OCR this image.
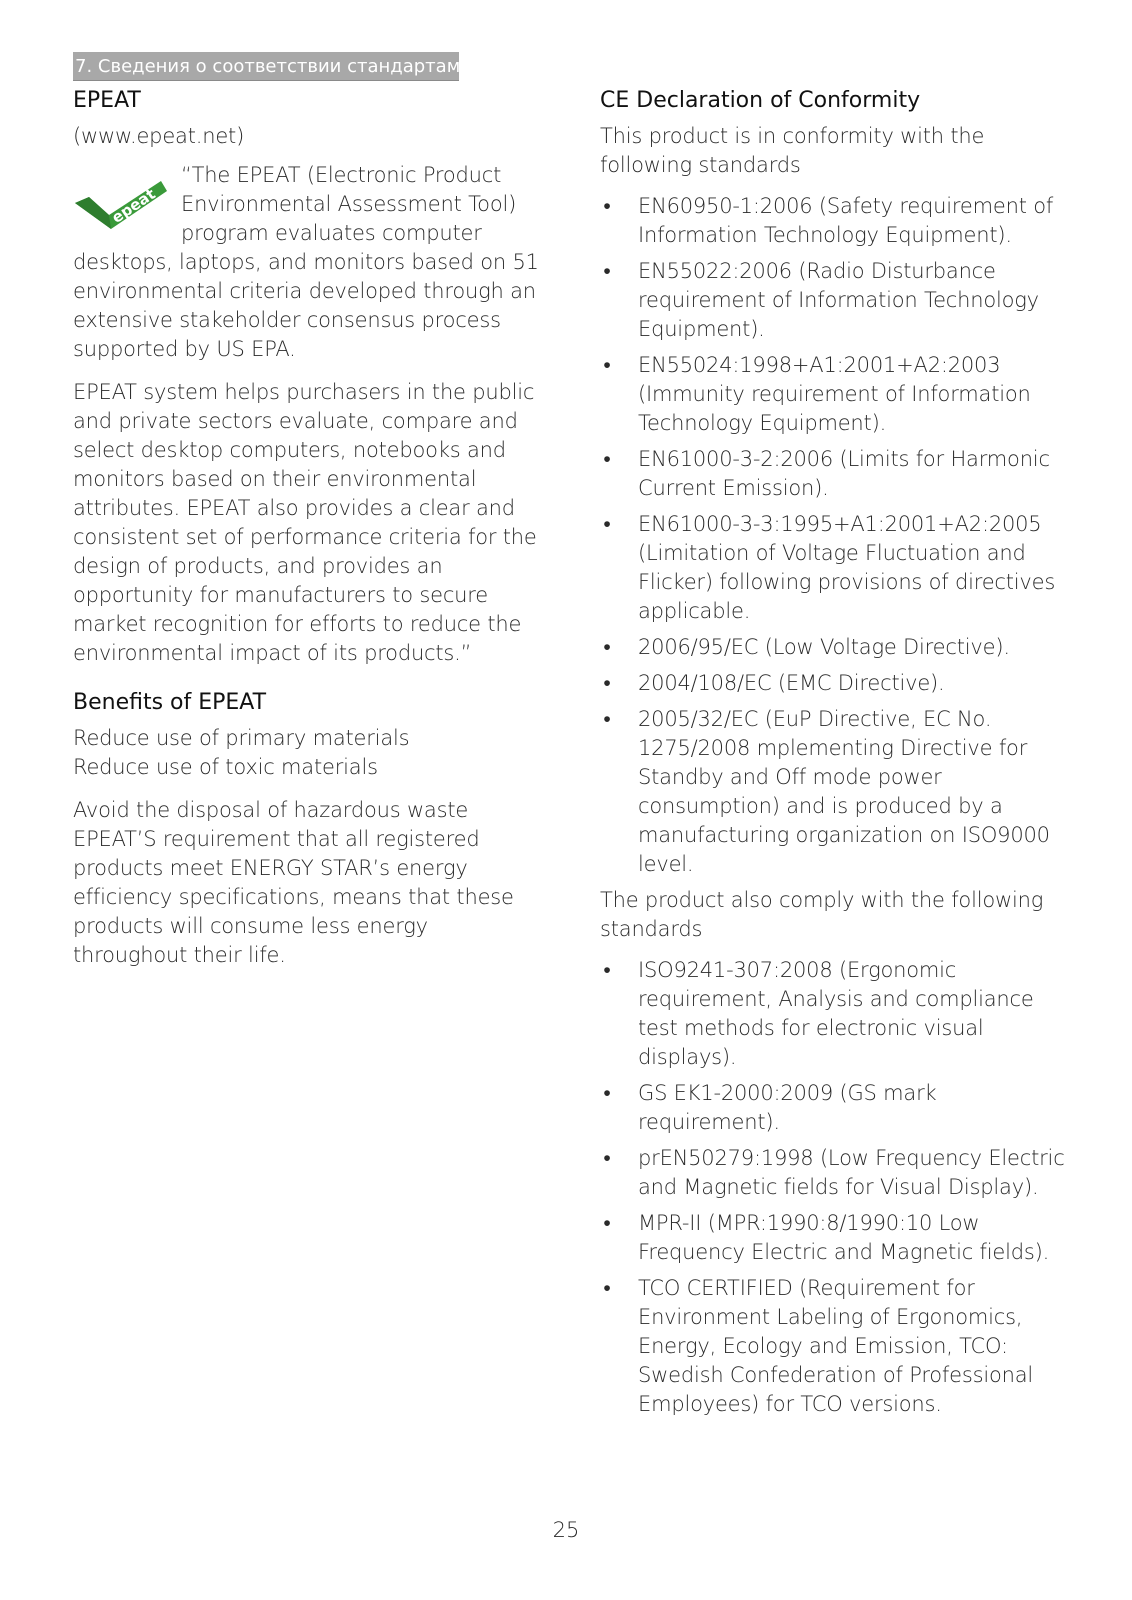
7. Сведения о соответствии стандартам
EPEAT

(www.epeat.net)

epeat

“The EPEAT (Electronic Product Environmental Assessment Tool) program evaluates computer desktops, laptops, and monitors based on 51 environmental criteria developed through an extensive stakeholder consensus process supported by US EPA.

EPEAT system helps purchasers in the public and private sectors evaluate, compare and select desktop computers, notebooks and monitors based on their environmental attributes. EPEAT also provides a clear and consistent set of performance criteria for the design of products, and provides an opportunity for manufacturers to secure market recognition for efforts to reduce the environmental impact of its products.”

Benefits of EPEAT

Reduce use of primary materials

Reduce use of toxic materials

Avoid the disposal of hazardous waste EPEAT’S requirement that all registered products meet ENERGY STAR’s energy efficiency specifications, means that these products will consume less energy throughout their life.

CE Declaration of Conformity

This product is in conformity with the following standards

• EN60950-1:2006 (Safety requirement of Information Technology Equipment).
• EN55022:2006 (Radio Disturbance requirement of Information Technology Equipment).
• EN55024:1998+A1:2001+A2:2003 (Immunity requirement of Information Technology Equipment).
• EN61000-3-2:2006 (Limits for Harmonic Current Emission).
• EN61000-3-3:1995+A1:2001+A2:2005 (Limitation of Voltage Fluctuation and Flicker) following provisions of directives applicable.
• 2006/95/EC (Low Voltage Directive).
• 2004/108/EC (EMC Directive).
• 2005/32/EC (EuP Directive, EC No. 1275/2008 mplementing Directive for Standby and Off mode power consumption) and is produced by a manufacturing organization on ISO9000 level.

The product also comply with the following standards

• ISO9241-307:2008 (Ergonomic requirement, Analysis and compliance test methods for electronic visual displays).
• GS EK1-2000:2009 (GS mark requirement).
• prEN50279:1998 (Low Frequency Electric and Magnetic fields for Visual Display).
• MPR-II (MPR:1990:8/1990:10 Low Frequency Electric and Magnetic fields).
• TCO CERTIFIED (Requirement for Environment Labeling of Ergonomics, Energy, Ecology and Emission, TCO: Swedish Confederation of Professional Employees) for TCO versions.
25
